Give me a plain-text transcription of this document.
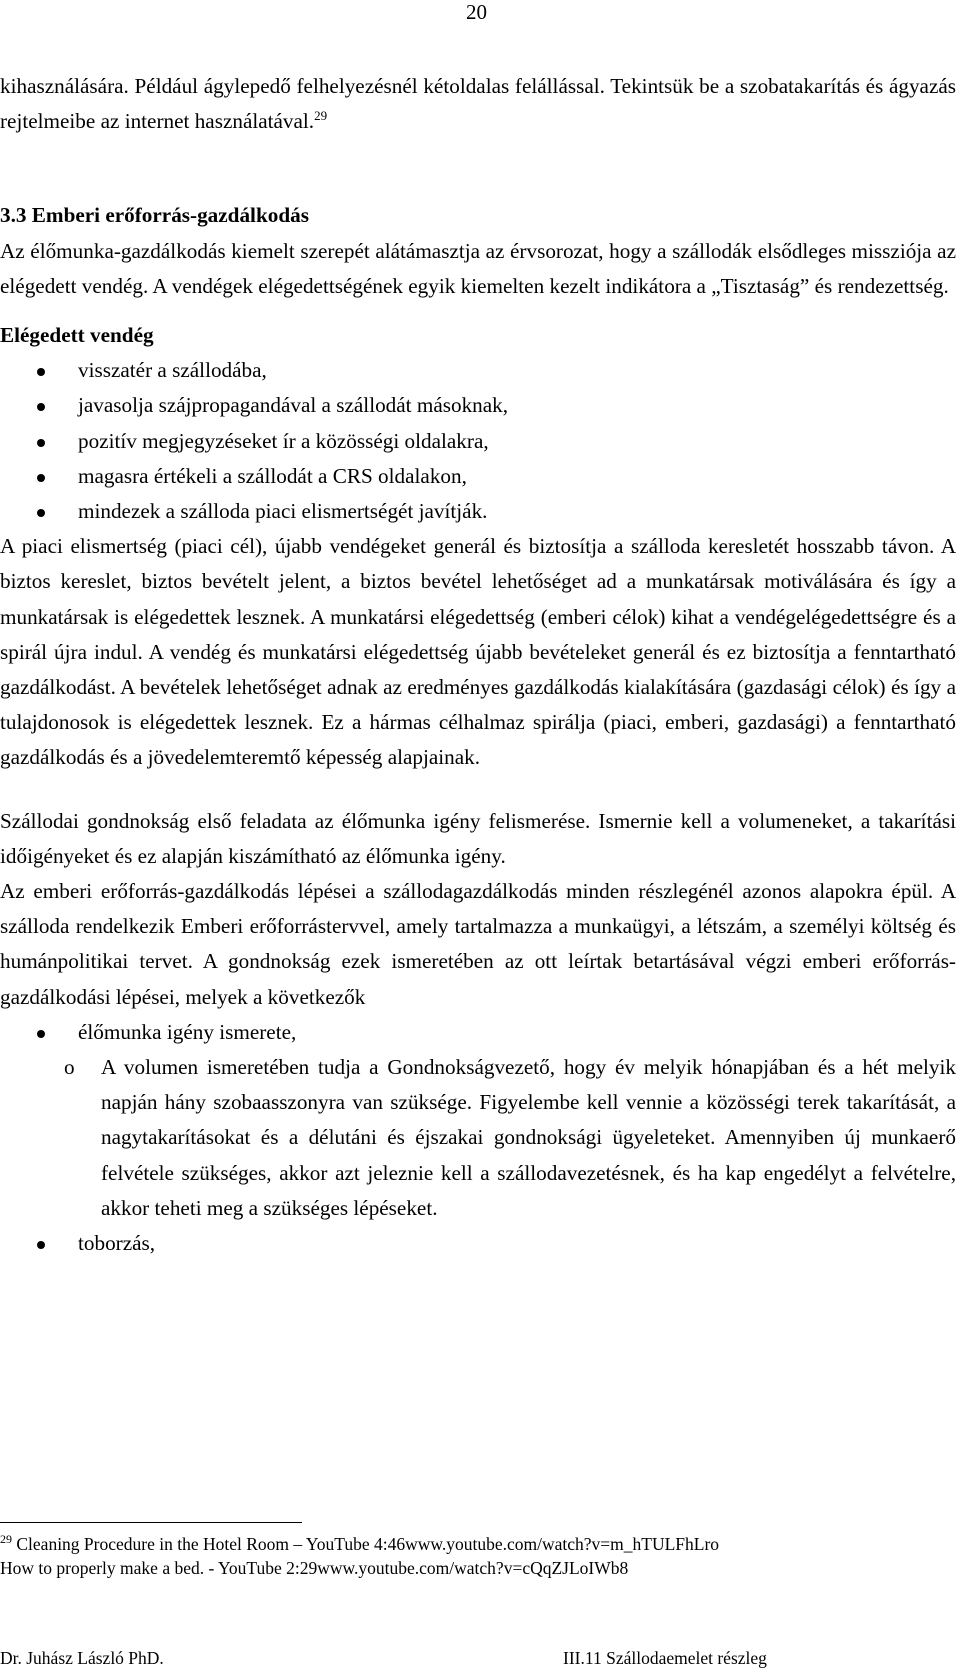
20

kihasználására. Például ágylepedő felhelyezésnél kétoldalas felállással. Tekintsük be a szobatakarítás és ágyazás rejtelmeibe az internet használatával.$^{29}$

3.3 Emberi erőforrás-gazdálkodás

Az élőmunka-gazdálkodás kiemelt szerepét alátámasztja az érvsorozat, hogy a szállodák elsődleges missziója az elégedett vendég. A vendégek elégedettségének egyik kiemelten kezelt indikátora a „Tisztaság” és rendezettség.

Elégedett vendég

visszatér a szállodába,
javasolja szájpropagandával a szállodát másoknak,
pozitív megjegyzéseket ír a közösségi oldalakra,
magasra értékeli a szállodát a CRS oldalakon,
mindezek a szálloda piaci elismertségét javítják.

A piaci elismertség (piaci cél), újabb vendégeket generál és biztosítja a szálloda keresletét hosszabb távon. A biztos kereslet, biztos bevételt jelent, a biztos bevétel lehetőséget ad a munkatársak motiválására és így a munkatársak is elégedettek lesznek. A munkatársi elégedettség (emberi célok) kihat a vendégelégedettségre és a spirál újra indul. A vendég és munkatársi elégedettség újabb bevételeket generál és ez biztosítja a fenntartható gazdálkodást. A bevételek lehetőséget adnak az eredményes gazdálkodás kialakítására (gazdasági célok) és így a tulajdonosok is elégedettek lesznek. Ez a hármas célhalmaz spirálja (piaci, emberi, gazdasági) a fenntartható gazdálkodás és a jövedelemteremtő képesség alapjainak.

Szállodai gondnokság első feladata az élőmunka igény felismerése. Ismernie kell a volumeneket, a takarítási időigényeket és ez alapján kiszámítható az élőmunka igény.

Az emberi erőforrás-gazdálkodás lépései a szállodagazdálkodás minden részlegénél azonos alapokra épül. A szálloda rendelkezik Emberi erőforrástervvel, amely tartalmazza a munkaügyi, a létszám, a személyi költség és humánpolitikai tervet. A gondnokság ezek ismeretében az ott leírtak betartásával végzi emberi erőforrás-gazdálkodási lépései, melyek a következők

élőmunka igény ismerete,
o A volumen ismeretében tudja a Gondnokságvezető, hogy év melyik hónapjában és a hét melyik napján hány szobaasszonyra van szüksége. Figyelembe kell vennie a közösségi terek takarítását, a nagytakarításokat és a délutáni és éjszakai gondnoksági ügyeleteket. Amennyiben új munkaerő felvétele szükséges, akkor azt jeleznie kell a szállodavezetésnek, és ha kap engedélyt a felvételre, akkor teheti meg a szükséges lépéseket.
toborzás,
$^{29}$ Cleaning Procedure in the Hotel Room – YouTube 4:46www.youtube.com/watch?v=m_hTULFhLro
How to properly make a bed. - YouTube 2:29www.youtube.com/watch?v=cQqZJLoIWb8
Dr. Juhász László PhD.	III.11 Szállodaemelet részleg
